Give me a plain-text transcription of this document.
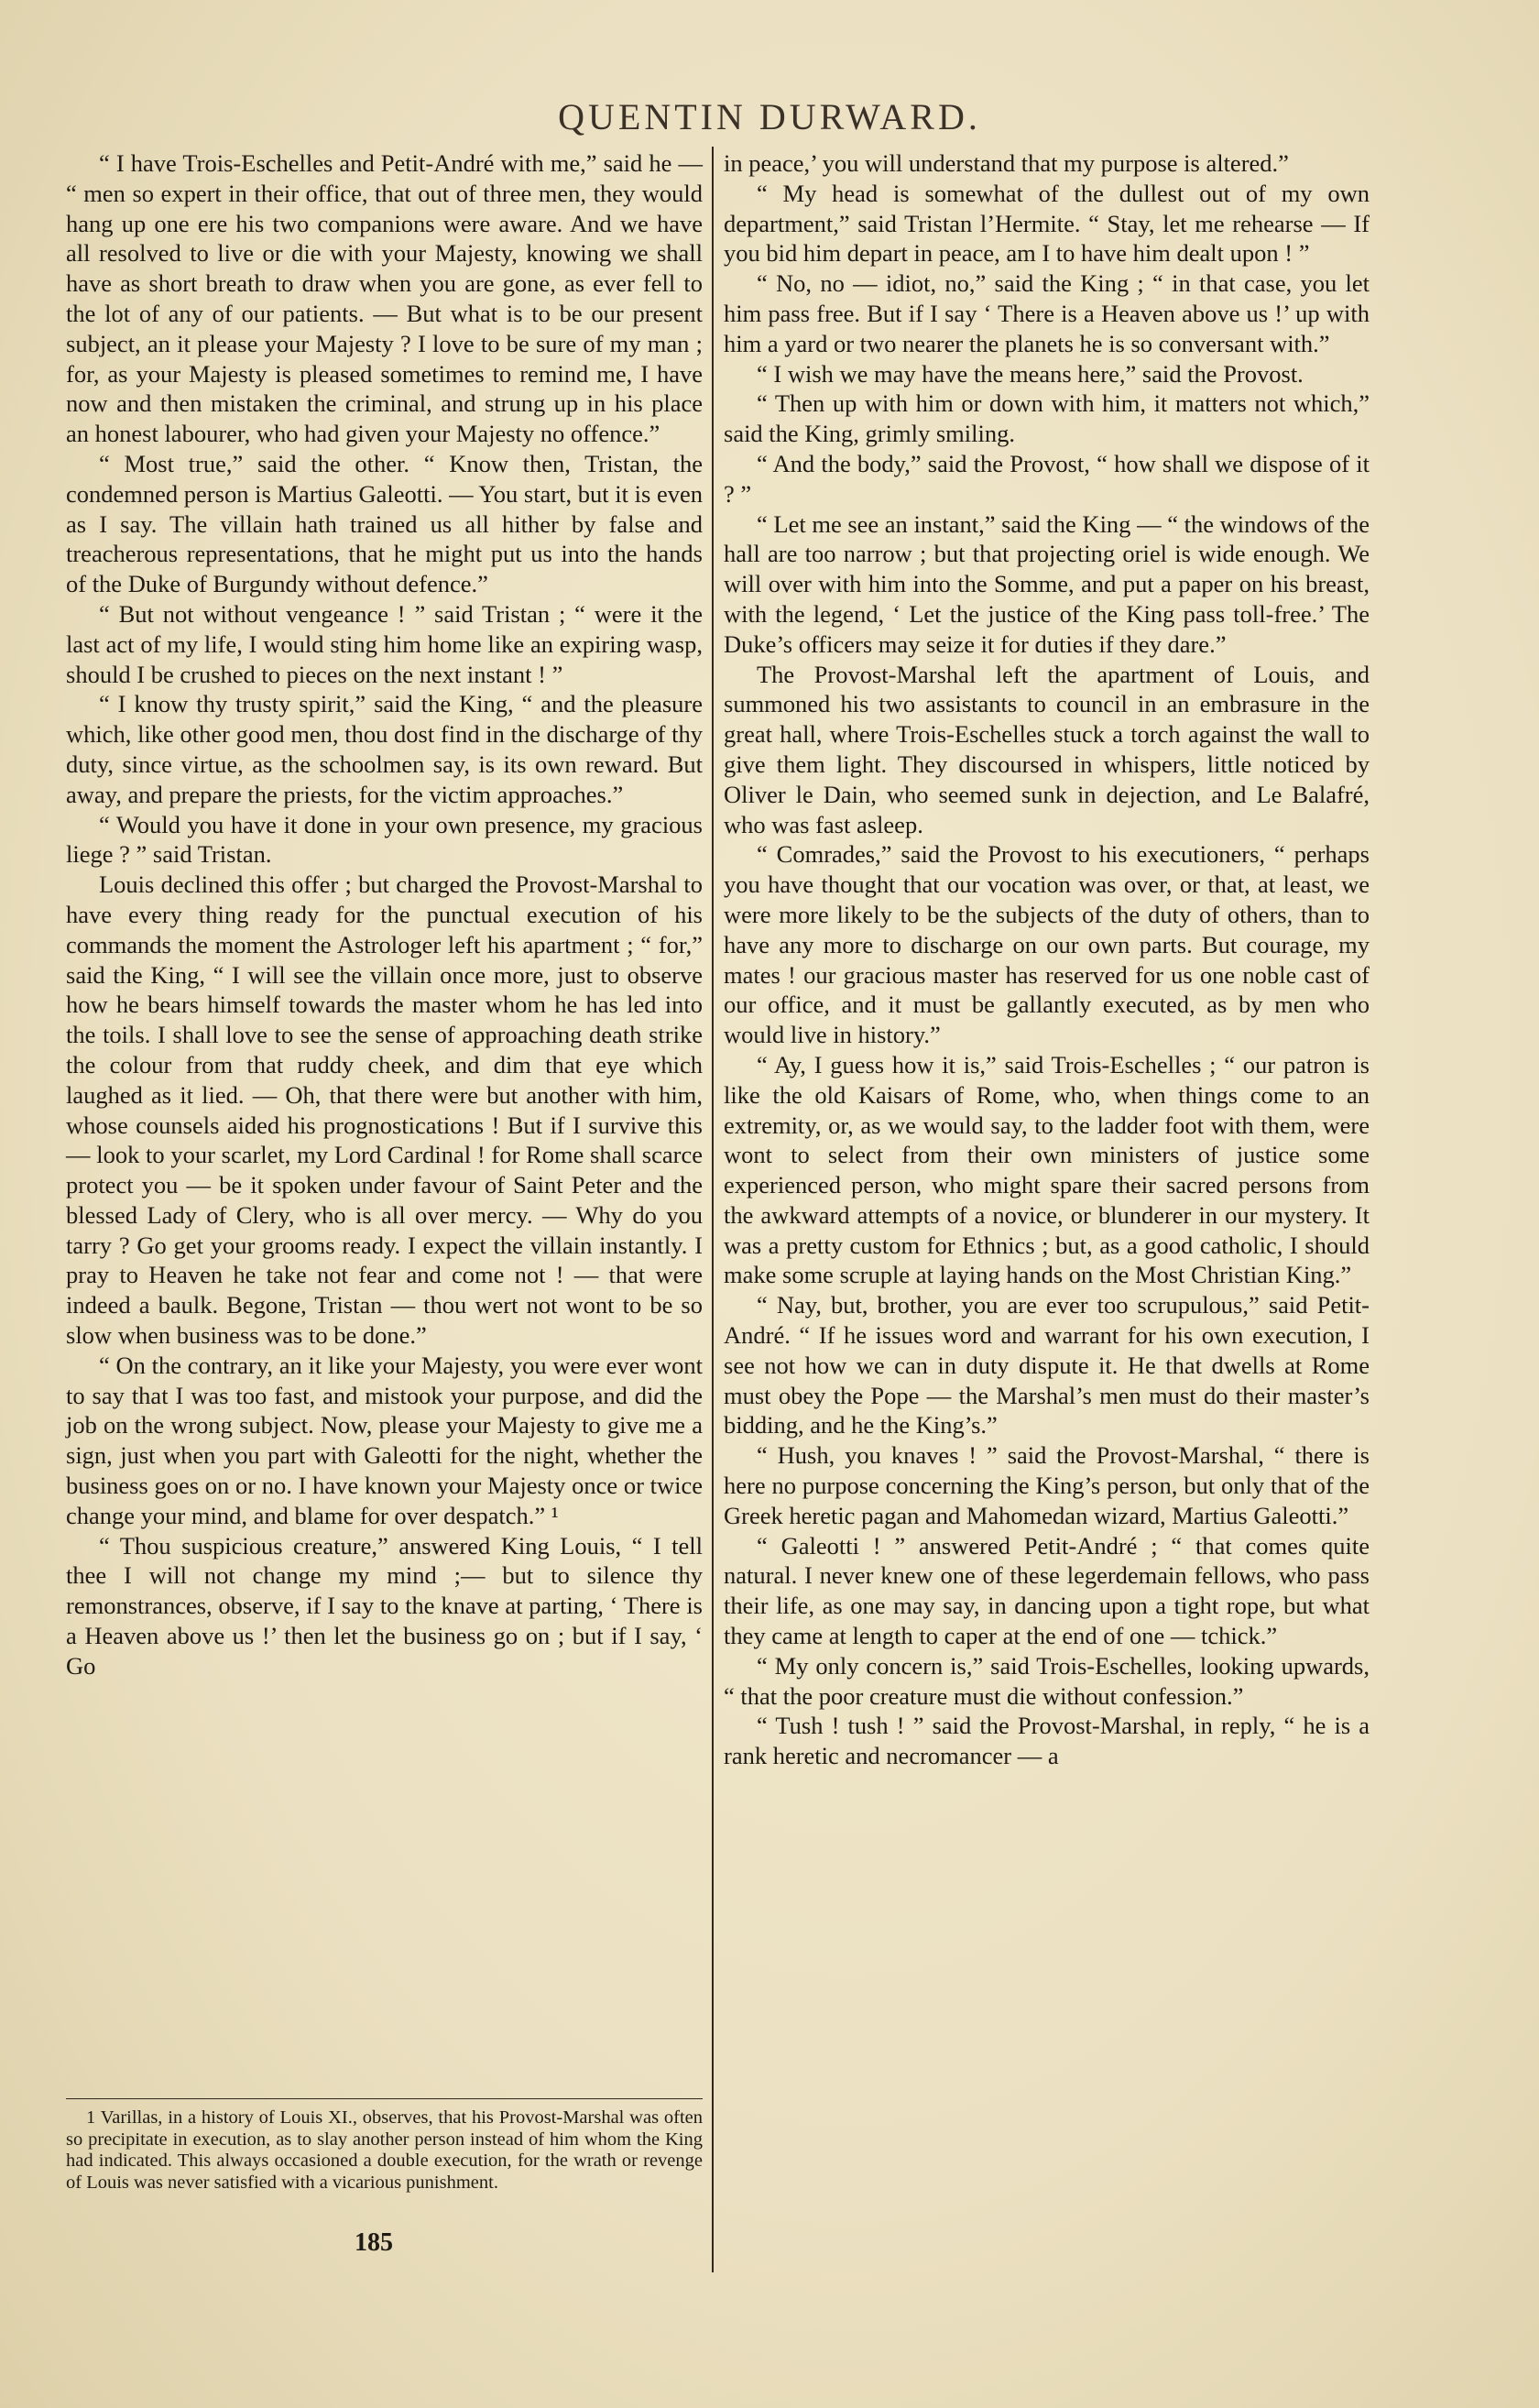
QUENTIN DURWARD.

“ I have Trois-Eschelles and Petit-André with me,” said he — “ men so expert in their office, that out of three men, they would hang up one ere his two companions were aware. And we have all resolved to live or die with your Majesty, knowing we shall have as short breath to draw when you are gone, as ever fell to the lot of any of our patients. — But what is to be our present subject, an it please your Majesty ? I love to be sure of my man ; for, as your Majesty is pleased sometimes to remind me, I have now and then mistaken the criminal, and strung up in his place an honest labourer, who had given your Majesty no offence.”

“ Most true,” said the other. “ Know then, Tristan, the condemned person is Martius Galeotti. — You start, but it is even as I say. The villain hath trained us all hither by false and treacherous representations, that he might put us into the hands of the Duke of Burgundy without defence.”

“ But not without vengeance ! ” said Tristan ; “ were it the last act of my life, I would sting him home like an expiring wasp, should I be crushed to pieces on the next instant ! ”

“ I know thy trusty spirit,” said the King, “ and the pleasure which, like other good men, thou dost find in the discharge of thy duty, since virtue, as the schoolmen say, is its own reward. But away, and prepare the priests, for the victim approaches.”

“ Would you have it done in your own presence, my gracious liege ? ” said Tristan.

Louis declined this offer ; but charged the Provost-Marshal to have every thing ready for the punctual execution of his commands the moment the Astrologer left his apartment ; “ for,” said the King, “ I will see the villain once more, just to observe how he bears himself towards the master whom he has led into the toils. I shall love to see the sense of approaching death strike the colour from that ruddy cheek, and dim that eye which laughed as it lied. — Oh, that there were but another with him, whose counsels aided his prognostications ! But if I survive this — look to your scarlet, my Lord Cardinal ! for Rome shall scarce protect you — be it spoken under favour of Saint Peter and the blessed Lady of Clery, who is all over mercy. — Why do you tarry ? Go get your grooms ready. I expect the villain instantly. I pray to Heaven he take not fear and come not ! — that were indeed a baulk. Begone, Tristan — thou wert not wont to be so slow when business was to be done.”

“ On the contrary, an it like your Majesty, you were ever wont to say that I was too fast, and mistook your purpose, and did the job on the wrong subject. Now, please your Majesty to give me a sign, just when you part with Galeotti for the night, whether the business goes on or no. I have known your Majesty once or twice change your mind, and blame for over despatch.” ¹

“ Thou suspicious creature,” answered King Louis, “ I tell thee I will not change my mind ;— but to silence thy remonstrances, observe, if I say to the knave at parting, ‘ There is a Heaven above us !’ then let the business go on ; but if I say, ‘ Go

in peace,’ you will understand that my purpose is altered.”

“ My head is somewhat of the dullest out of my own department,” said Tristan l’Hermite. “ Stay, let me rehearse — If you bid him depart in peace, am I to have him dealt upon ! ”

“ No, no — idiot, no,” said the King ; “ in that case, you let him pass free. But if I say ‘ There is a Heaven above us !’ up with him a yard or two nearer the planets he is so conversant with.”

“ I wish we may have the means here,” said the Provost.

“ Then up with him or down with him, it matters not which,” said the King, grimly smiling.

“ And the body,” said the Provost, “ how shall we dispose of it ? ”

“ Let me see an instant,” said the King — “ the windows of the hall are too narrow ; but that projecting oriel is wide enough. We will over with him into the Somme, and put a paper on his breast, with the legend, ‘ Let the justice of the King pass toll-free.’ The Duke’s officers may seize it for duties if they dare.”

The Provost-Marshal left the apartment of Louis, and summoned his two assistants to council in an embrasure in the great hall, where Trois-Eschelles stuck a torch against the wall to give them light. They discoursed in whispers, little noticed by Oliver le Dain, who seemed sunk in dejection, and Le Balafré, who was fast asleep.

“ Comrades,” said the Provost to his executioners, “ perhaps you have thought that our vocation was over, or that, at least, we were more likely to be the subjects of the duty of others, than to have any more to discharge on our own parts. But courage, my mates ! our gracious master has reserved for us one noble cast of our office, and it must be gallantly executed, as by men who would live in history.”

“ Ay, I guess how it is,” said Trois-Eschelles ; “ our patron is like the old Kaisars of Rome, who, when things come to an extremity, or, as we would say, to the ladder foot with them, were wont to select from their own ministers of justice some experienced person, who might spare their sacred persons from the awkward attempts of a novice, or blunderer in our mystery. It was a pretty custom for Ethnics ; but, as a good catholic, I should make some scruple at laying hands on the Most Christian King.”

“ Nay, but, brother, you are ever too scrupulous,” said Petit-André. “ If he issues word and warrant for his own execution, I see not how we can in duty dispute it. He that dwells at Rome must obey the Pope — the Marshal’s men must do their master’s bidding, and he the King’s.”

“ Hush, you knaves ! ” said the Provost-Marshal, “ there is here no purpose concerning the King’s person, but only that of the Greek heretic pagan and Mahomedan wizard, Martius Galeotti.”

“ Galeotti ! ” answered Petit-André ; “ that comes quite natural. I never knew one of these legerdemain fellows, who pass their life, as one may say, in dancing upon a tight rope, but what they came at length to caper at the end of one — tchick.”

“ My only concern is,” said Trois-Eschelles, looking upwards, “ that the poor creature must die without confession.”

“ Tush ! tush ! ” said the Provost-Marshal, in reply, “ he is a rank heretic and necromancer — a

1 Varillas, in a history of Louis XI., observes, that his Provost-Marshal was often so precipitate in execution, as to slay another person instead of him whom the King had indicated. This always occasioned a double execution, for the wrath or revenge of Louis was never satisfied with a vicarious punishment.

185
